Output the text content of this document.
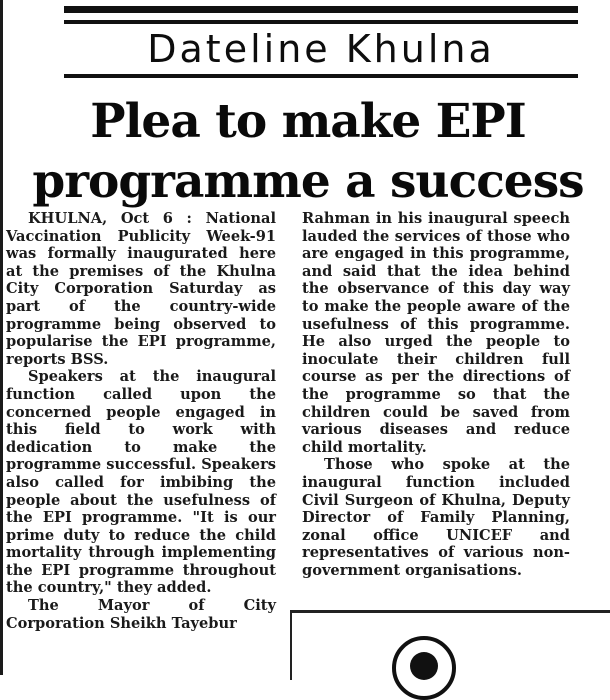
Dateline Khulna
Plea to make EPI
programme a success

KHULNA, Oct 6 : National Vaccination Publicity Week-91 was formally inaugurated here at the premises of the Khulna City Corporation Saturday as part of the country-wide programme being observed to popularise the EPI programme, reports BSS.

Speakers at the inaugural function called upon the concerned people engaged in this field to work with dedication to make the programme successful. Speakers also called for imbibing the people about the usefulness of the EPI programme. "It is our prime duty to reduce the child mortality through implementing the EPI programme throughout the country," they added.

The Mayor of City Corporation Sheikh Tayebur

Rahman in his inaugural speech lauded the services of those who are engaged in this programme, and said that the idea behind the observance of this day way to make the people aware of the usefulness of this programme. He also urged the people to inoculate their children full course as per the directions of the programme so that the children could be saved from various diseases and reduce child mortality.

Those who spoke at the inaugural function included Civil Surgeon of Khulna, Deputy Director of Family Planning, zonal office UNICEF and representatives of various non-government organisations.
